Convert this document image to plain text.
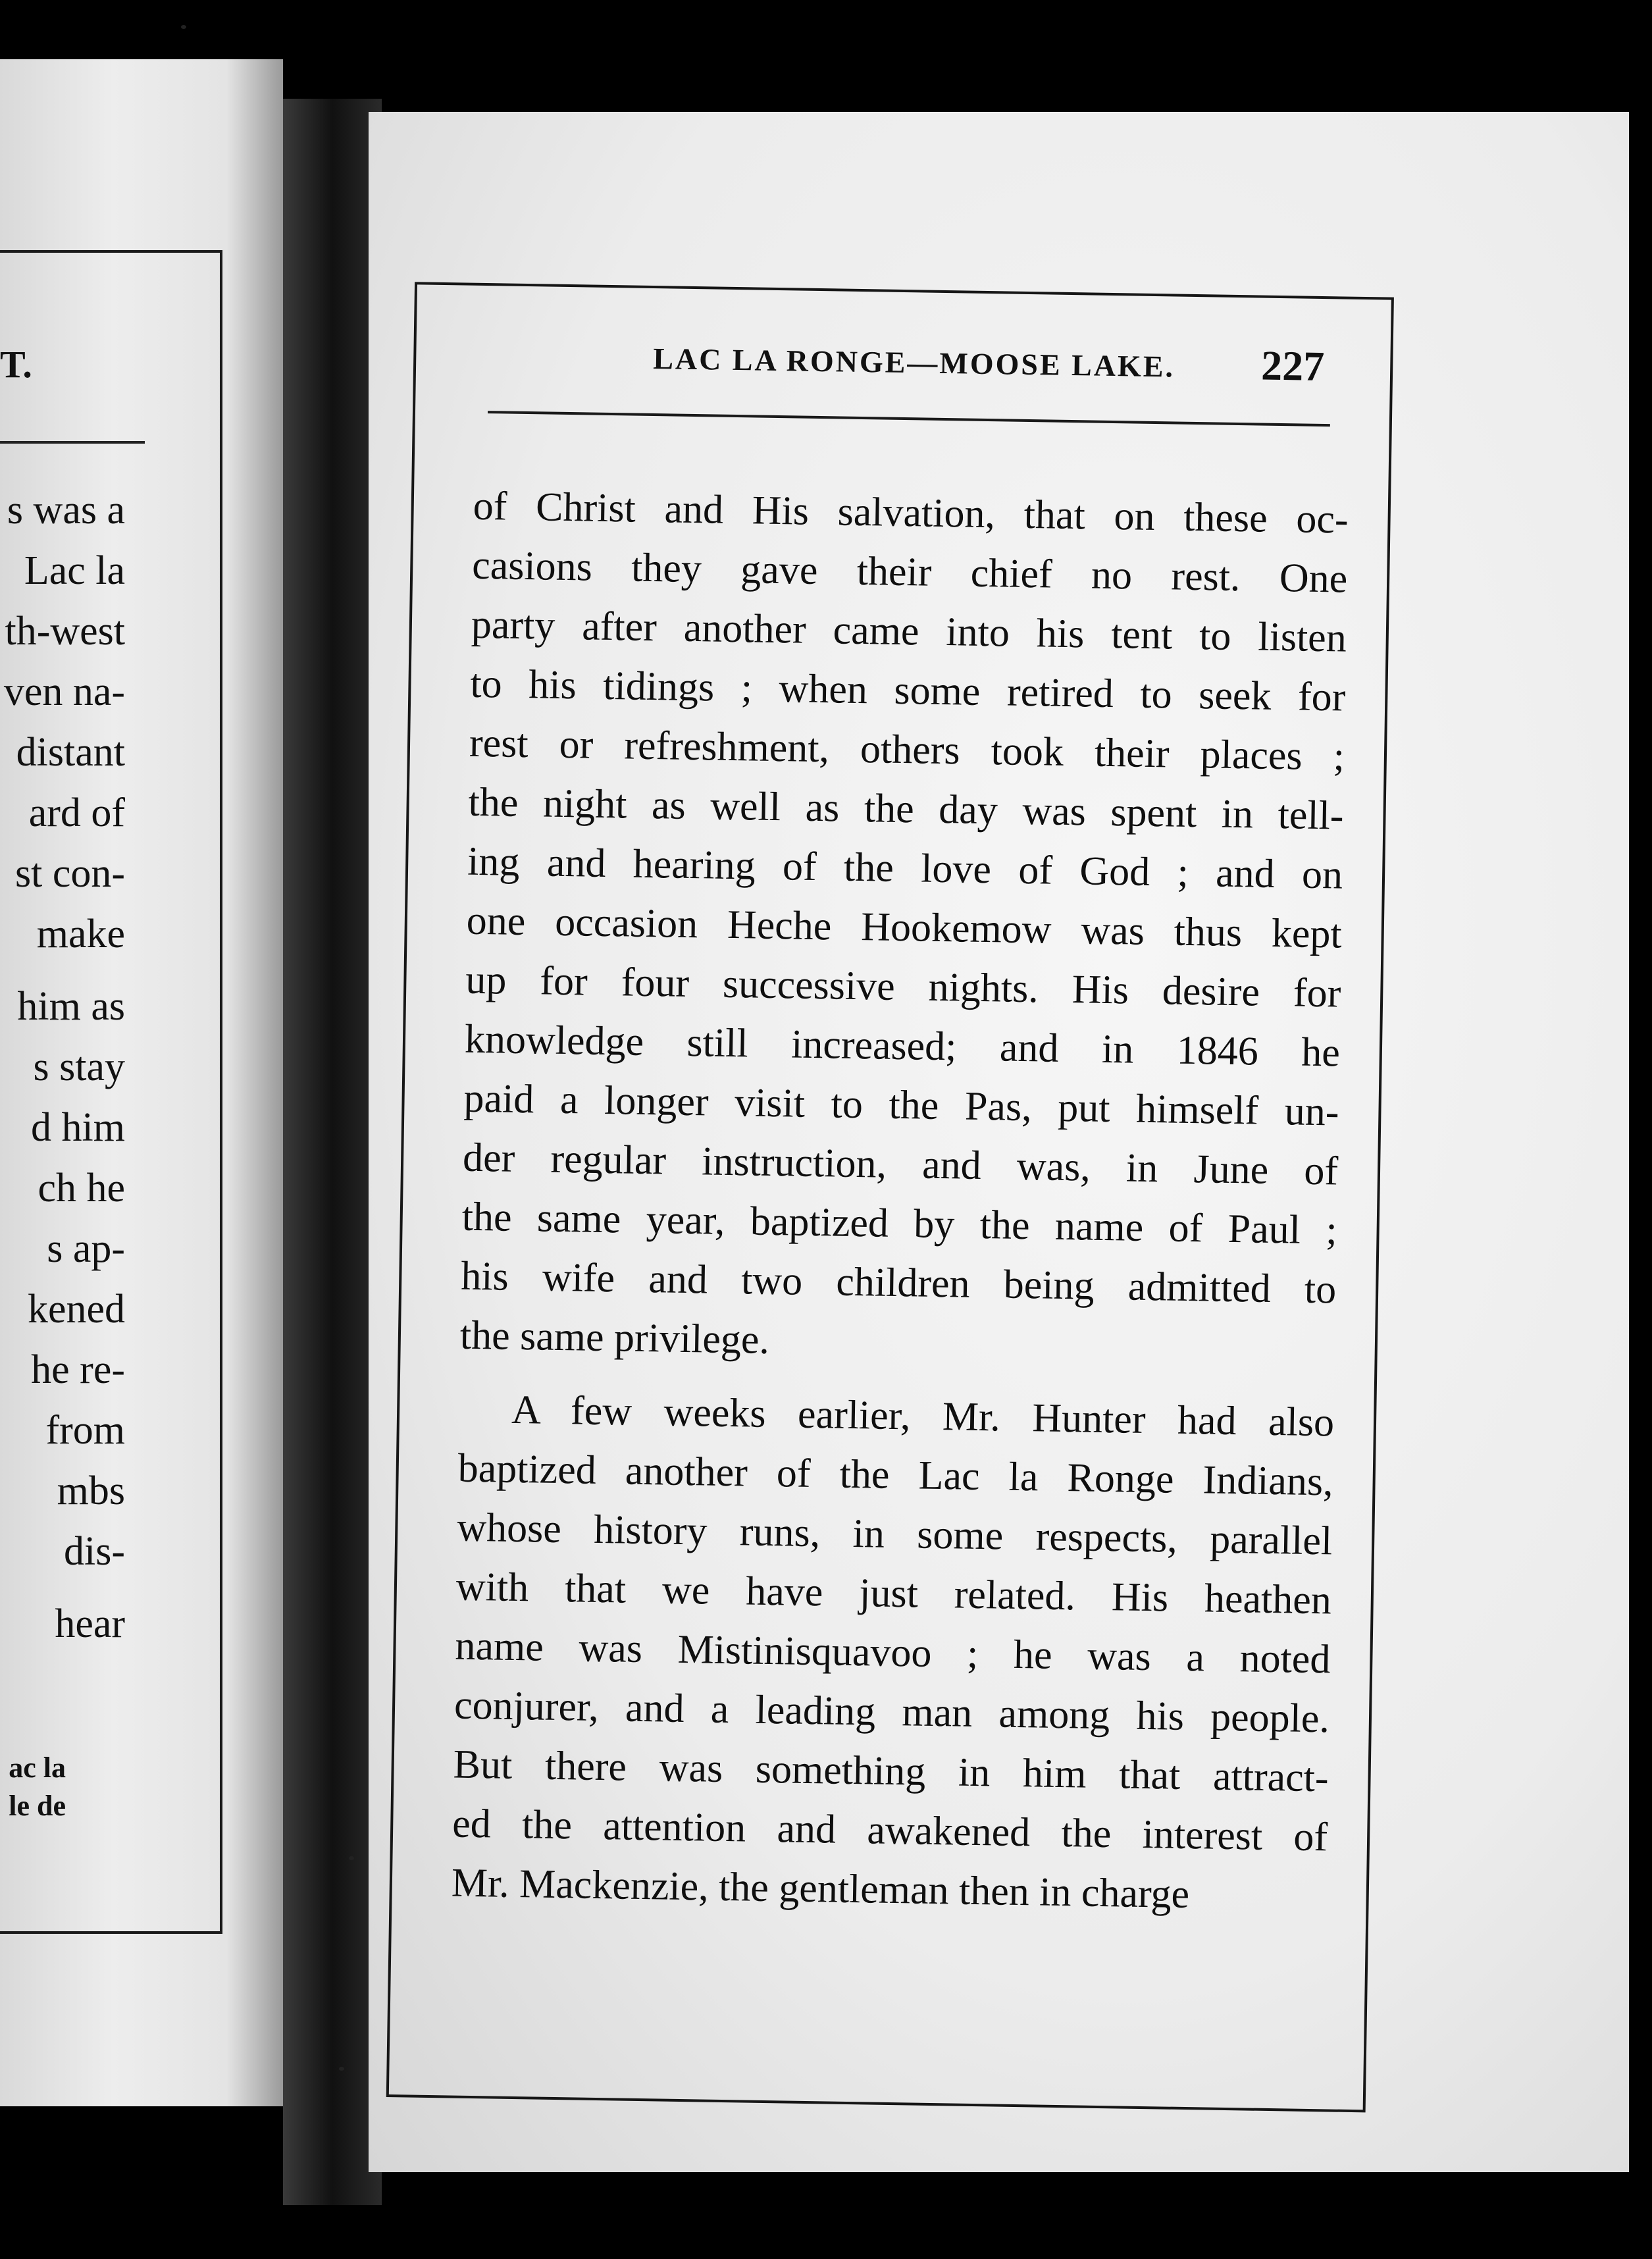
T.
s was a
Lac la
th-west
ven na-
distant
ard of
st con-
make
him as
s stay
d him
ch he
s ap-
kened
he re-
from
mbs
dis-
hear
ac la
le de
LAC LA RONGE—MOOSE LAKE. 227
of Christ and His salvation, that on these oc-
casions they gave their chief no rest. One
party after another came into his tent to listen
to his tidings ; when some retired to seek for
rest or refreshment, others took their places ;
the night as well as the day was spent in tell-
ing and hearing of the love of God ; and on
one occasion Heche Hookemow was thus kept
up for four successive nights. His desire for
knowledge still increased; and in 1846 he
paid a longer visit to the Pas, put himself un-
der regular instruction, and was, in June of
the same year, baptized by the name of Paul ;
his wife and two children being admitted to
the same privilege.
A few weeks earlier, Mr. Hunter had also
baptized another of the Lac la Ronge Indians,
whose history runs, in some respects, parallel
with that we have just related. His heathen
name was Mistinisquavoo ; he was a noted
conjurer, and a leading man among his people.
But there was something in him that attract-
ed the attention and awakened the interest of
Mr. Mackenzie, the gentleman then in charge
